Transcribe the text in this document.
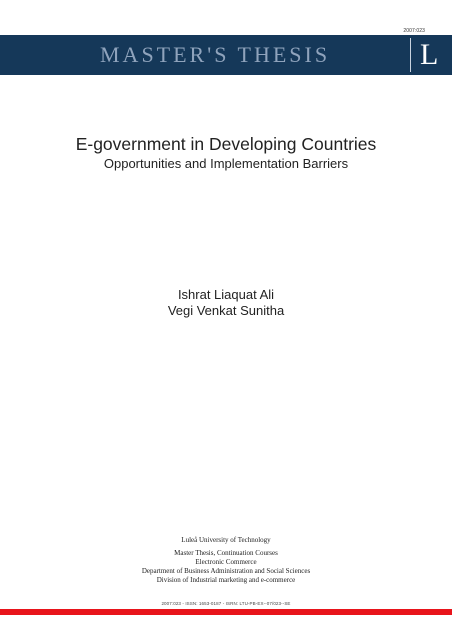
2007:023
MASTER'S THESIS	L
E-government in Developing Countries
Opportunities and Implementation Barriers
Ishrat Liaquat Ali
Vegi Venkat Sunitha
Luleå University of Technology
Master Thesis, Continuation Courses
Electronic Commerce
Department of Business Administration and Social Sciences
Division of Industrial marketing and e-commerce
2007:023 - ISSN: 1653-0187 - ISRN: LTU-PB-EX--07/023--SE
